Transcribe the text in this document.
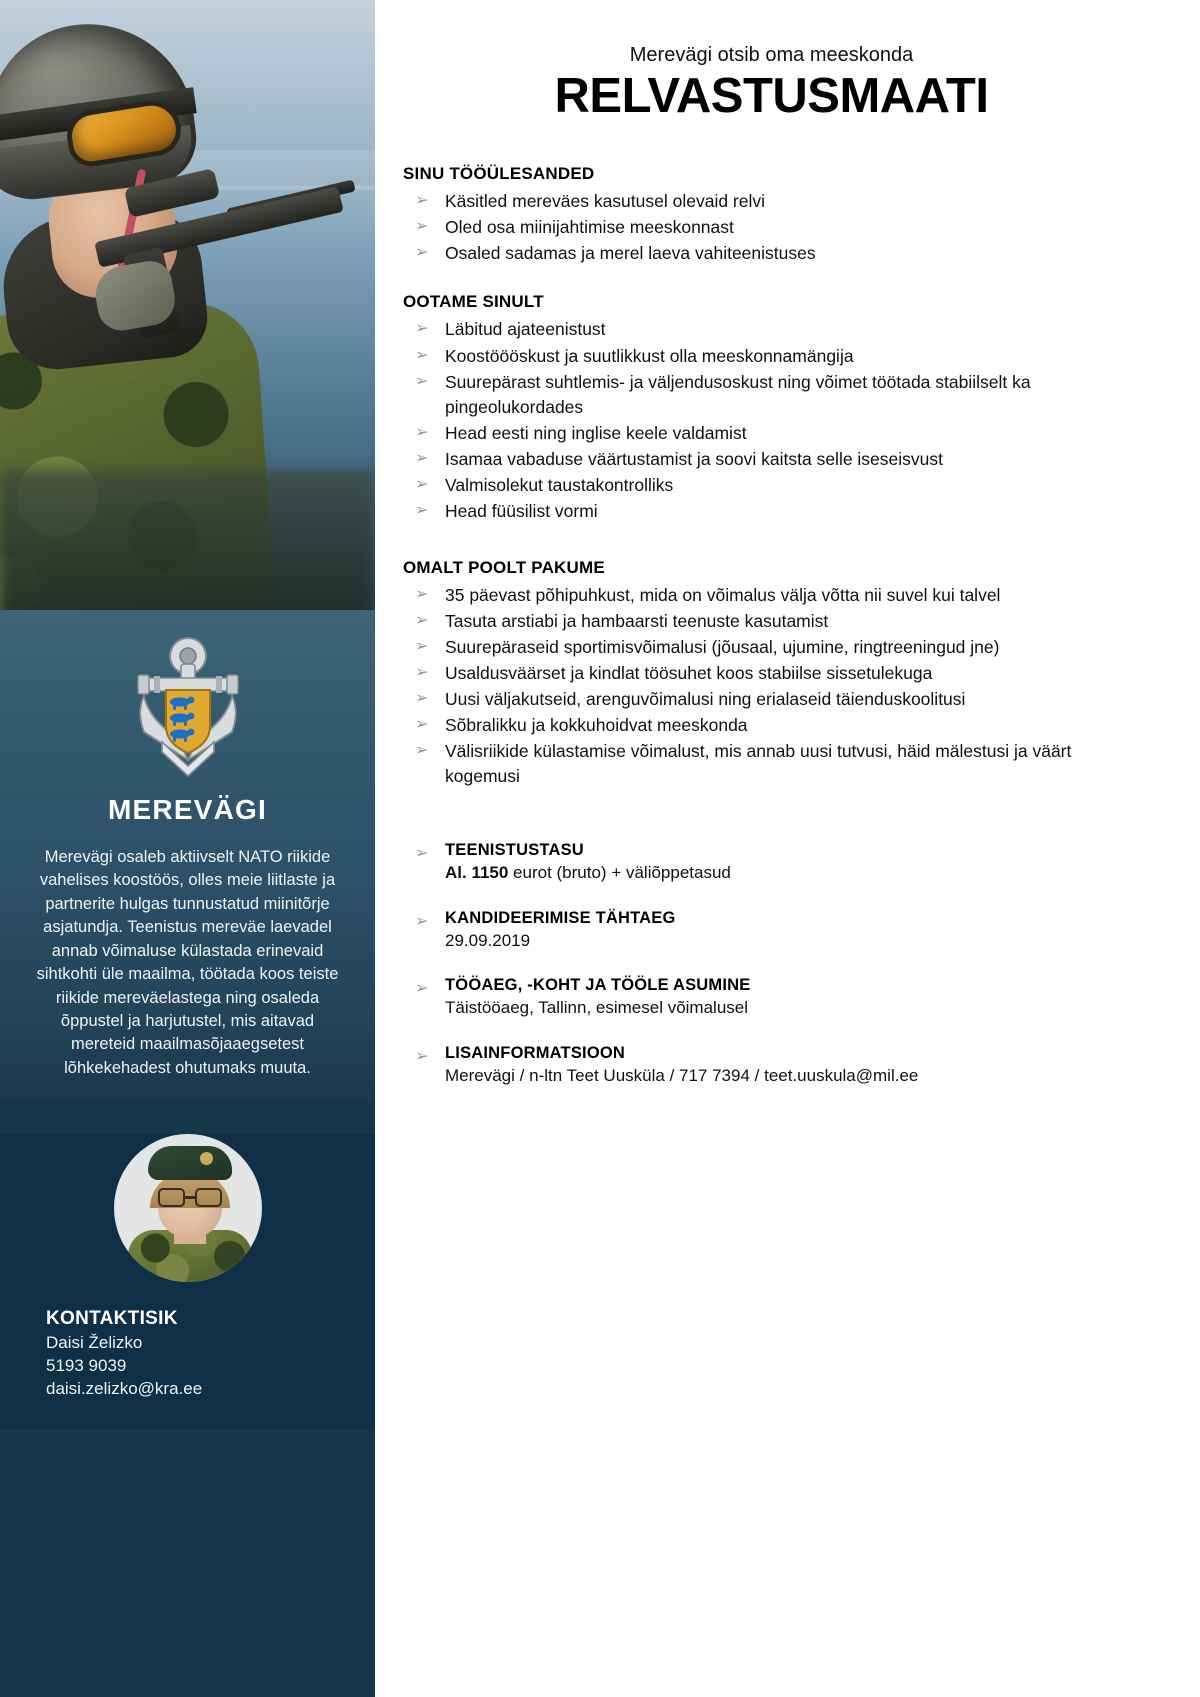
MEREVÄGI
Merevägi osaleb aktiivselt NATO riikide vahelises koostöös, olles meie liitlaste ja partnerite hulgas tunnustatud miinitõrje asjatundja. Teenistus mereväe laevadel annab võimaluse külastada erinevaid sihtkohti üle maailma, töötada koos teiste riikide mereväelastega ning osaleda õppustel ja harjutustel, mis aitavad mereteid maailmasõjaaegsetest lõhkekehadest ohutumaks muuta.
KONTAKTISIK
Daisi Želizko
5193 9039
daisi.zelizko@kra.ee
Merevägi otsib oma meeskonda
RELVASTUSMAATI
SINU TÖÖÜLESANDED
➢ Käsitled mereväes kasutusel olevaid relvi
➢ Oled osa miinijahtimise meeskonnast
➢ Osaled sadamas ja merel laeva vahiteenistuses
OOTAME SINULT
➢ Läbitud ajateenistust
➢ Koostöööskust ja suutlikkust olla meeskonnamängija
➢ Suurepärast suhtlemis- ja väljendusoskust ning võimet töötada stabiilselt ka pingeolukordades
➢ Head eesti ning inglise keele valdamist
➢ Isamaa vabaduse väärtustamist ja soovi kaitsta selle iseseisvust
➢ Valmisolekut taustakontrolliks
➢ Head füüsilist vormi
OMALT POOLT PAKUME
➢ 35 päevast põhipuhkust, mida on võimalus välja võtta nii suvel kui talvel
➢ Tasuta arstiabi ja hambaarsti teenuste kasutamist
➢ Suurepäraseid sportimisvõimalusi (jõusaal, ujumine, ringtreeningud jne)
➢ Usaldusväärset ja kindlat töösuhet koos stabiilse sissetulekuga
➢ Uusi väljakutseid, arenguvõimalusi ning erialaseid täienduskoolitusi
➢ Sõbralikku ja kokkuhoidvat meeskonda
➢ Välisriikide külastamise võimalust, mis annab uusi tutvusi, häid mälestusi ja väärt kogemusi
➢ TEENISTUSTASU
Al. 1150 eurot (bruto) + väliõppetasud
➢ KANDIDEERIMISE TÄHTAEG
29.09.2019
➢ TÖÖAEG, -KOHT JA TÖÖLE ASUMINE
Täistööaeg, Tallinn, esimesel võimalusel
➢ LISAINFORMATSIOON
Merevägi / n-ltn Teet Uusküla / 717 7394 / teet.uuskula@mil.ee
